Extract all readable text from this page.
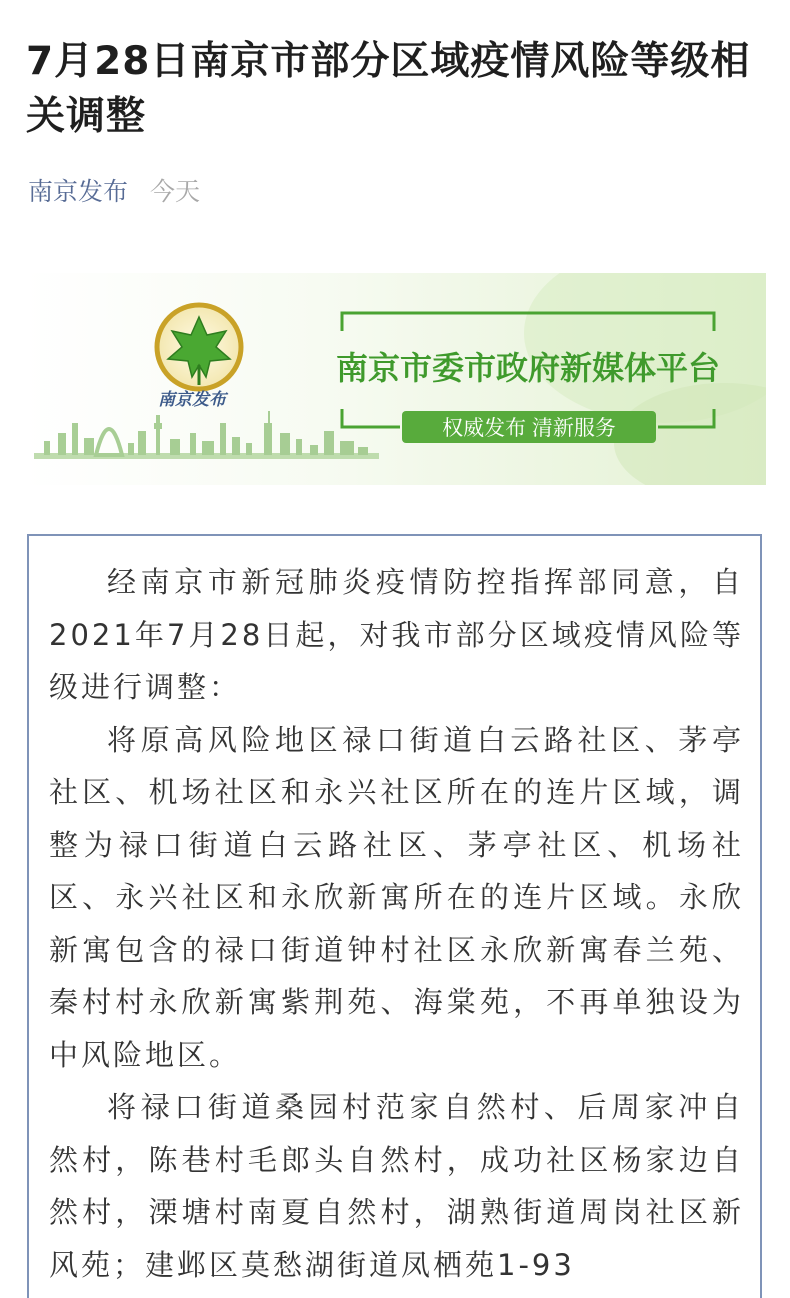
7月28日南京市部分区域疫情风险等级相关调整
南京发布 今天
南京发布
南京市委市政府新媒体平台
权威发布 清新服务

经南京市新冠肺炎疫情防控指挥部同意，自2021年7月28日起，对我市部分区域疫情风险等级进行调整：

将原高风险地区禄口街道白云路社区、茅亭社区、机场社区和永兴社区所在的连片区域，调整为禄口街道白云路社区、茅亭社区、机场社区、永兴社区和永欣新寓所在的连片区域。永欣新寓包含的禄口街道钟村社区永欣新寓春兰苑、秦村村永欣新寓紫荆苑、海棠苑，不再单独设为中风险地区。

将禄口街道桑园村范家自然村、后周家冲自然村，陈巷村毛郎头自然村，成功社区杨家边自然村，溧塘村南夏自然村，湖熟街道周岗社区新风苑；建邺区莫愁湖街道凤栖苑1-93
